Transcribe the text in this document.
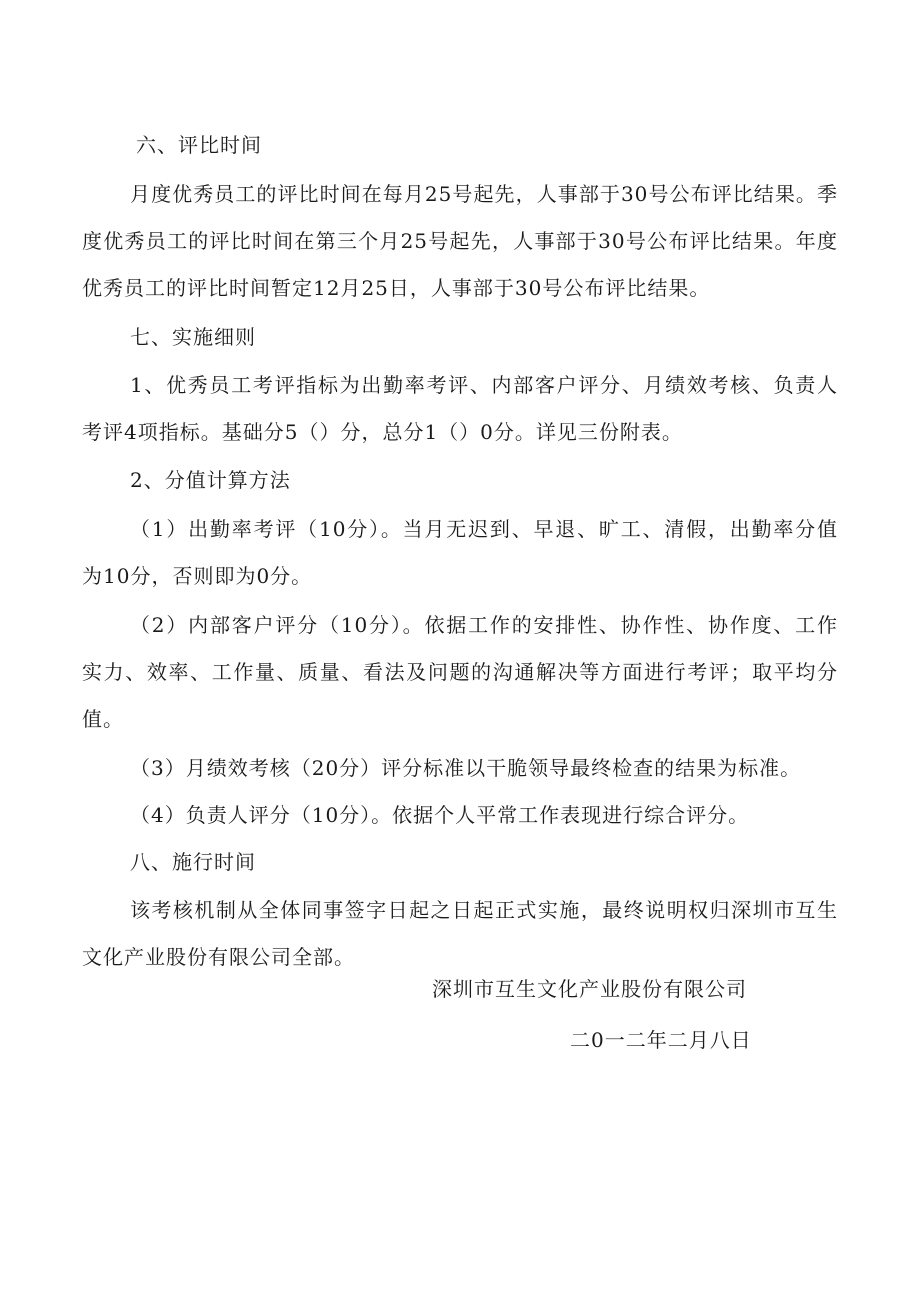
六、评比时间
月度优秀员工的评比时间在每月25号起先，人事部于30号公布评比结果。季
度优秀员工的评比时间在第三个月25号起先，人事部于30号公布评比结果。年度
优秀员工的评比时间暂定12月25日，人事部于30号公布评比结果。
七、实施细则
1、优秀员工考评指标为出勤率考评、内部客户评分、月绩效考核、负责人
考评4项指标。基础分5（）分，总分1（）0分。详见三份附表。
2、分值计算方法
（1）出勤率考评（10分）。当月无迟到、早退、旷工、清假，出勤率分值
为10分，否则即为0分。
（2）内部客户评分（10分）。依据工作的安排性、协作性、协作度、工作
实力、效率、工作量、质量、看法及问题的沟通解决等方面进行考评；取平均分
值。
（3）月绩效考核（20分）评分标准以干脆领导最终检查的结果为标准。
（4）负责人评分（10分）。依据个人平常工作表现进行综合评分。
八、施行时间
该考核机制从全体同事签字日起之日起正式实施，最终说明权归深圳市互生
文化产业股份有限公司全部。
深圳市互生文化产业股份有限公司
二0一二年二月八日
